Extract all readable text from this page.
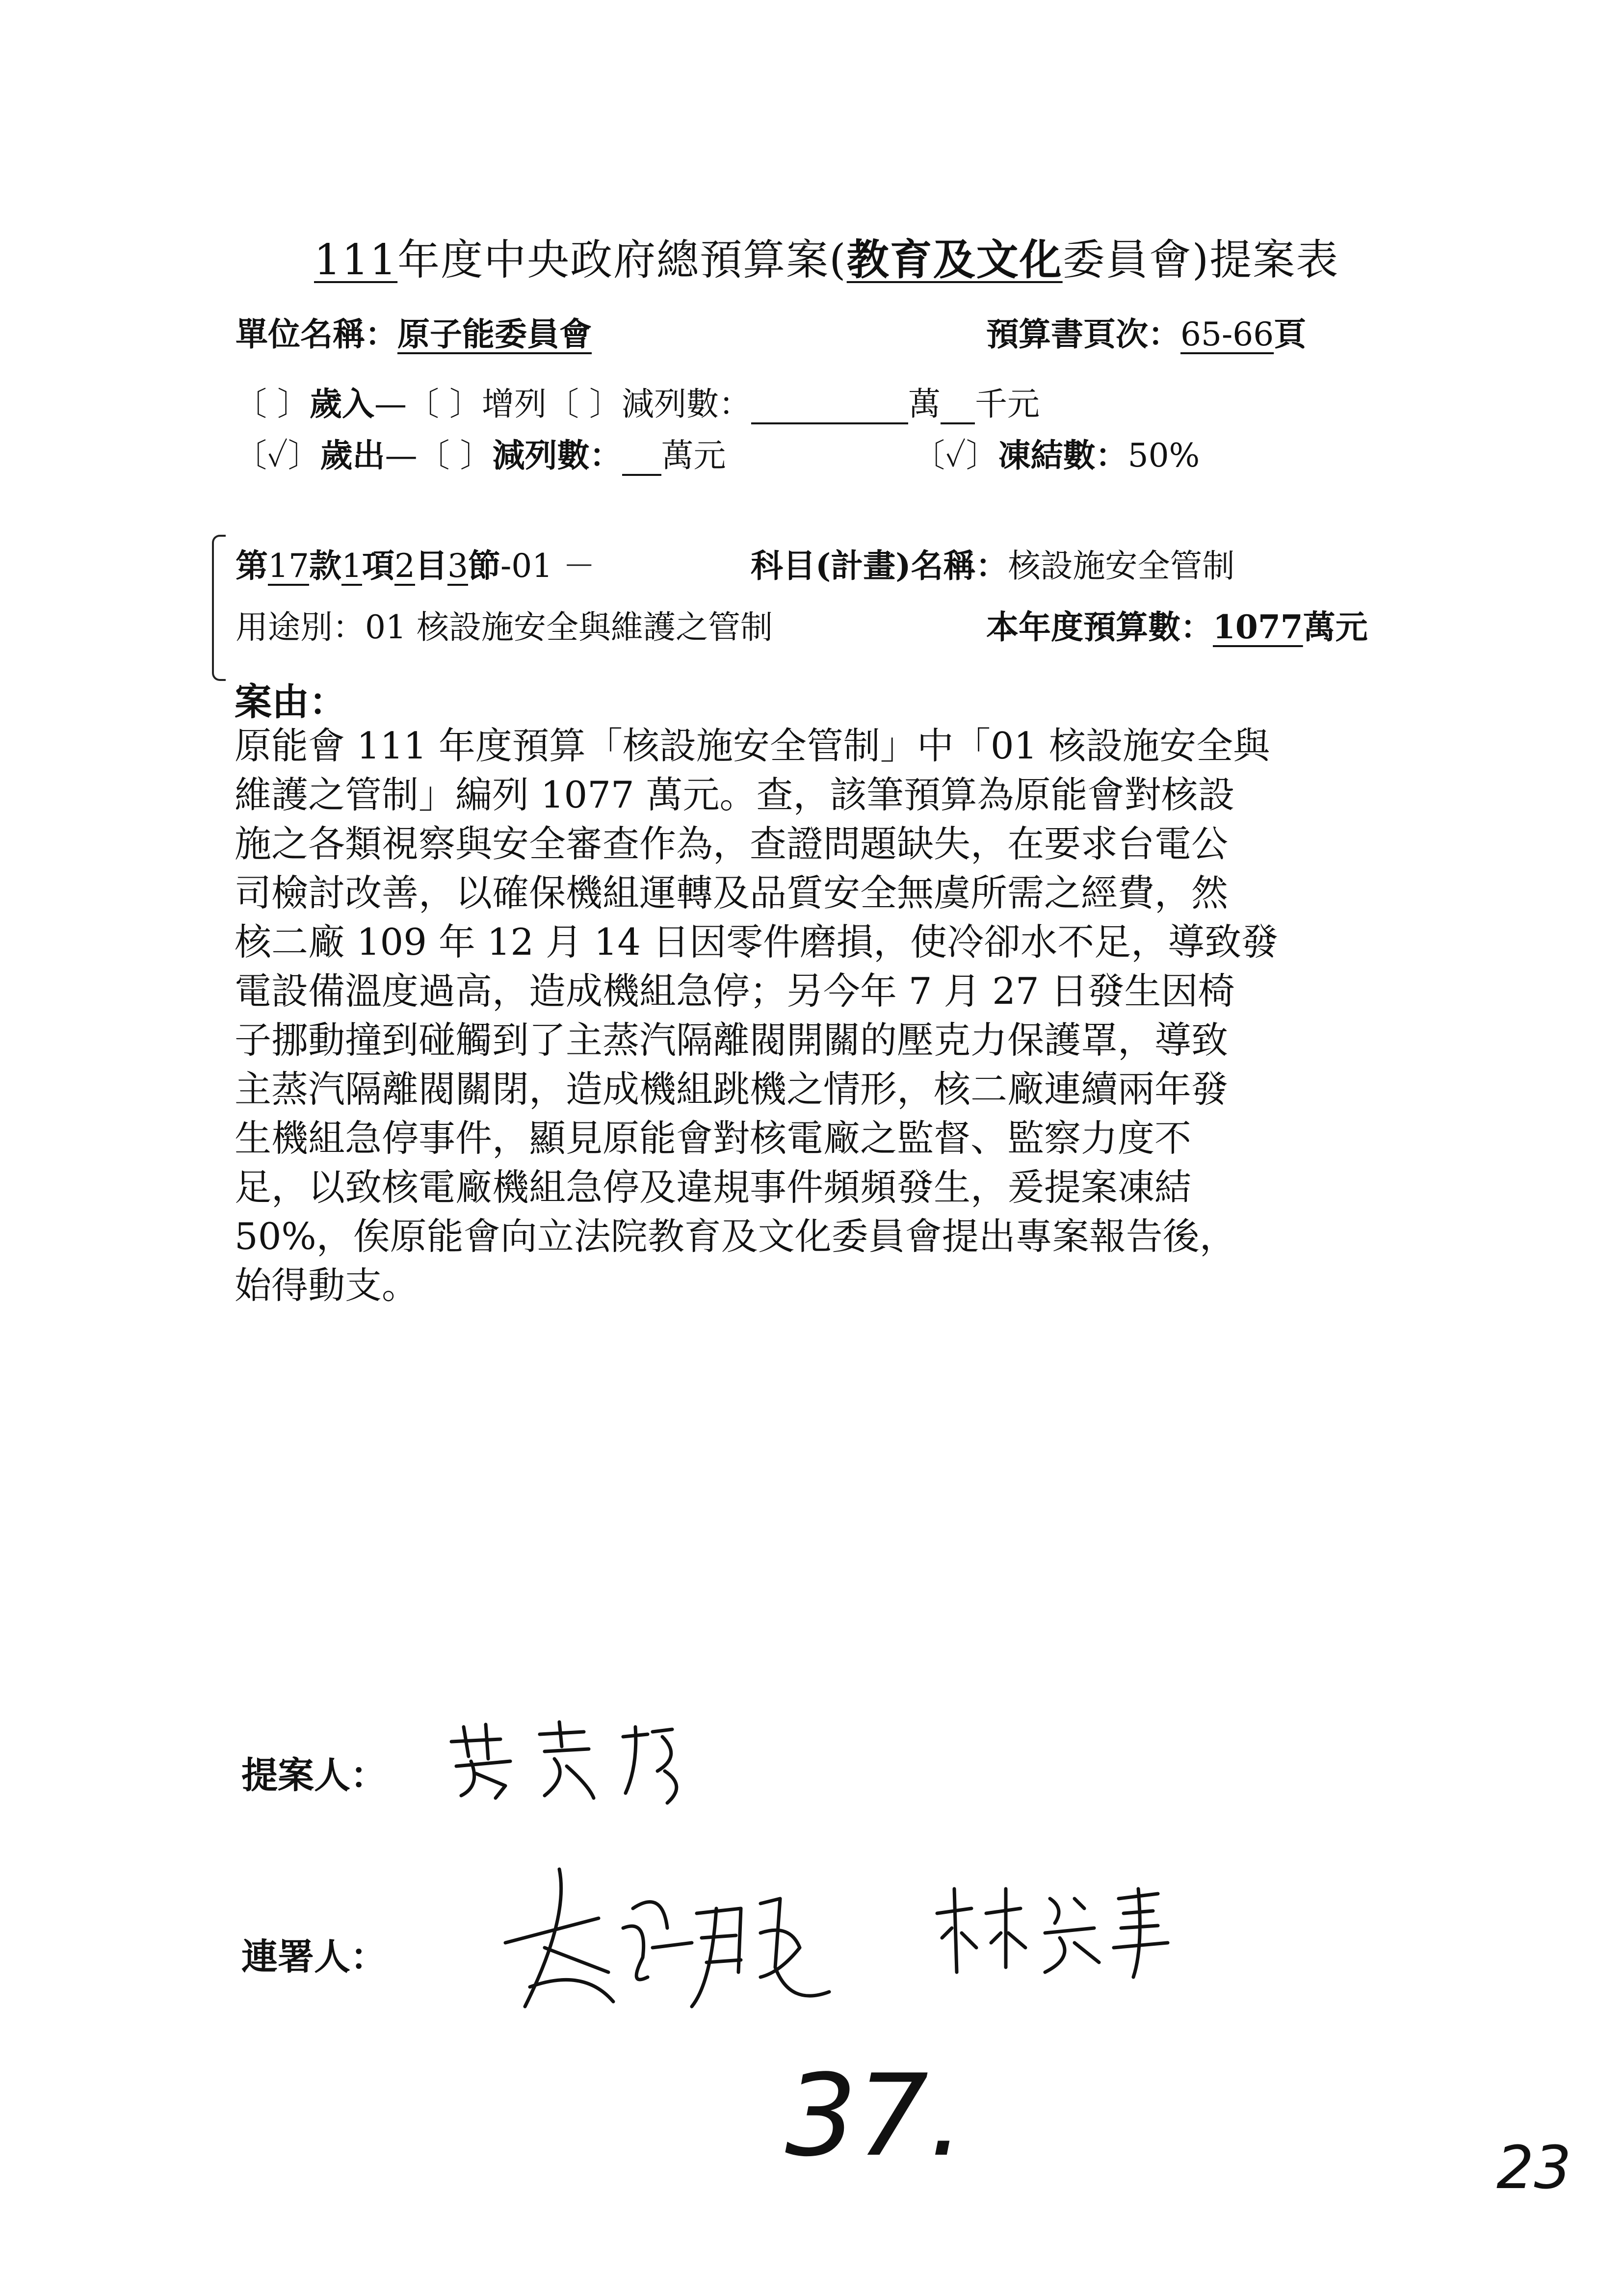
111年度中央政府總預算案(教育及文化委員會)提案表
單位名稱：原子能委員會	預算書頁次：65-66頁
〔 〕歲入—〔 〕增列〔 〕減列數：	萬 千元
〔✓〕歲出—〔 〕減列數： 萬元	〔✓〕凍結數：50%
第17款1項2目3節-01 －	科目(計畫)名稱：核設施安全管制
用途別：01 核設施安全與維護之管制	本年度預算數：1077萬元
案由：

原能會 111 年度預算「核設施安全管制」中「01 核設施安全與

維護之管制」編列 1077 萬元。查，該筆預算為原能會對核設

施之各類視察與安全審查作為，查證問題缺失，在要求台電公

司檢討改善，以確保機組運轉及品質安全無虞所需之經費，然

核二廠 109 年 12 月 14 日因零件磨損，使冷卻水不足，導致發

電設備溫度過高，造成機組急停；另今年 7 月 27 日發生因椅

子挪動撞到碰觸到了主蒸汽隔離閥開關的壓克力保護罩，導致

主蒸汽隔離閥關閉，造成機組跳機之情形，核二廠連續兩年發

生機組急停事件，顯見原能會對核電廠之監督、監察力度不

足，以致核電廠機組急停及違規事件頻頻發生，爰提案凍結

50%，俟原能會向立法院教育及文化委員會提出專案報告後，

始得動支。

提案人：
連署人：
37.	23
